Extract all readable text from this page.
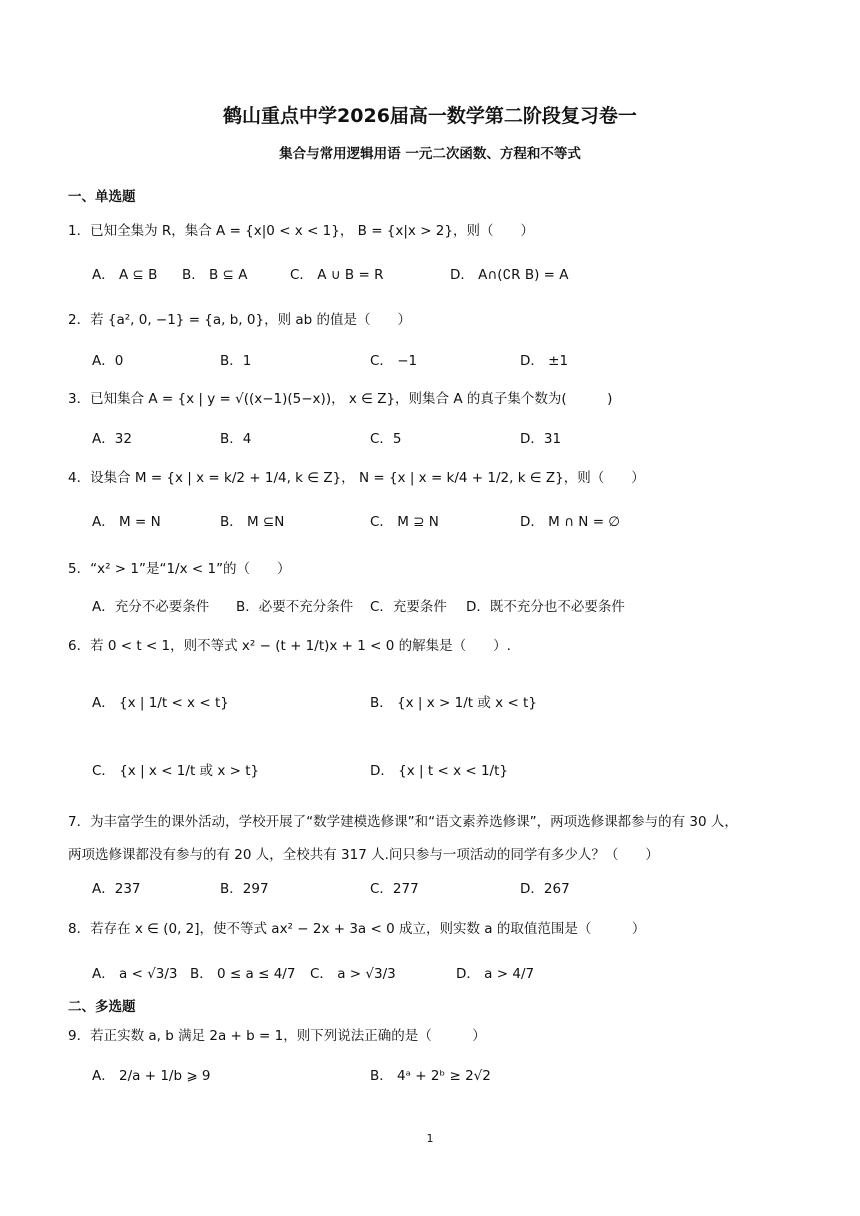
鹤山重点中学2026届高一数学第二阶段复习卷一
集合与常用逻辑用语 一元二次函数、方程和不等式
一、单选题
1．已知全集为 R，集合 A = {x|0 < x < 1}， B = {x|x > 2}，则（　　）
A． A ⊆ B B． B ⊆ A	C． A ∪ B = R	D． A∩(∁R B) = A
2．若 {a², 0, −1} = {a, b, 0}，则 ab 的值是（　　）
A．0	B．1	C． −1	D． ±1
3．已知集合 A = {x | y = √((x−1)(5−x))， x ∈ Z}，则集合 A 的真子集个数为(　　　)
A．32	B．4	C．5	D．31
4．设集合 M = {x | x = k/2 + 1/4, k ∈ Z}， N = {x | x = k/4 + 1/2, k ∈ Z}，则（　　）
A． M = N	B． M ⊆N	C． M ⊇ N	D． M ∩ N = ∅
5．“x² > 1”是“1/x < 1”的（　　）
A．充分不必要条件 B．必要不充分条件 C．充要条件 D．既不充分也不必要条件
6．若 0 < t < 1，则不等式 x² − (t + 1/t)x + 1 < 0 的解集是（　　）.
A． {x | 1/t < x < t}	B． {x | x > 1/t 或 x < t}
C． {x | x < 1/t 或 x > t}	D． {x | t < x < 1/t}
7．为丰富学生的课外活动，学校开展了“数学建模选修课”和“语文素养选修课”，两项选修课都参与的有 30 人，
两项选修课都没有参与的有 20 人，全校共有 317 人.问只参与一项活动的同学有多少人？（　　）
A．237	B．297	C．277	D．267
8．若存在 x ∈ (0, 2]，使不等式 ax² − 2x + 3a < 0 成立，则实数 a 的取值范围是（　　　）
A． a < √3/3 B． 0 ≤ a ≤ 4/7 C． a > √3/3	D． a > 4/7
二、多选题
9．若正实数 a, b 满足 2a + b = 1，则下列说法正确的是（　　　）
A． 2/a + 1/b ⩾ 9	B． 4ᵃ + 2ᵇ ≥ 2√2
1
